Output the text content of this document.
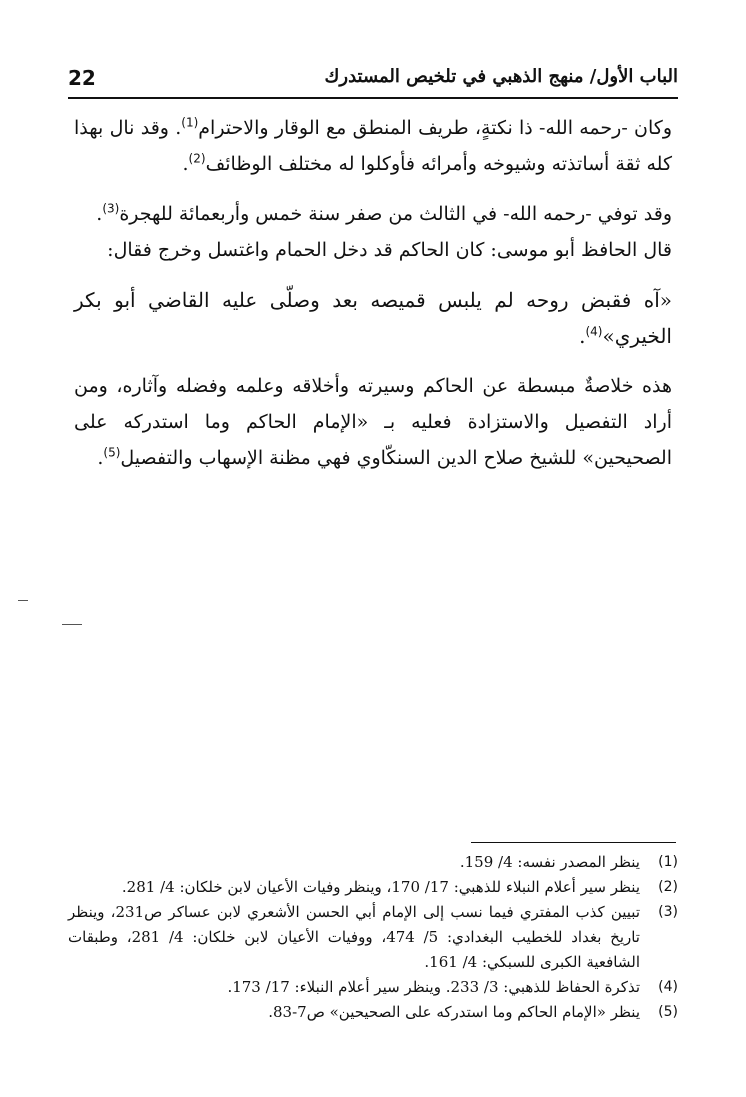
22	الباب الأول/ منهج الذهبي في تلخيص المستدرك

وكان -رحمه الله- ذا نكتةٍ، طريف المنطق مع الوقار والاحترام$^{(1)}$. وقد نال بهذا كله ثقة أساتذته وشيوخه وأمرائه فأوكلوا له مختلف الوظائف$^{(2)}$.

وقد توفي -رحمه الله- في الثالث من صفر سنة خمس وأربعمائة للهجرة$^{(3)}$.

قال الحافظ أبو موسى: كان الحاكم قد دخل الحمام واغتسل وخرج فقال:

«آه فقبض روحه لم يلبس قميصه بعد وصلّى عليه القاضي أبو بكر الخيري»$^{(4)}$.

هذه خلاصةٌ مبسطة عن الحاكم وسيرته وأخلاقه وعلمه وفضله وآثاره، ومن أراد التفصيل والاستزادة فعليه بـ «الإمام الحاكم وما استدركه على الصحيحين» للشيخ صلاح الدين السنكّاوي فهي مظنة الإسهاب والتفصيل$^{(5)}$.

(1)
ينظر المصدر نفسه: 4/ 159.
(2)
ينظر سير أعلام النبلاء للذهبي: 17/ 170، وينظر وفيات الأعيان لابن خلكان: 4/ 281.
(3)
تبيين كذب المفتري فيما نسب إلى الإمام أبي الحسن الأشعري لابن عساكر ص231، وينظر تاريخ بغداد للخطيب البغدادي: 5/ 474، ووفيات الأعيان لابن خلكان: 4/ 281، وطبقات الشافعية الكبرى للسبكي: 4/ 161.
(4)
تذكرة الحفاظ للذهبي: 3/ 233. وينظر سير أعلام النبلاء: 17/ 173.
(5)
ينظر «الإمام الحاكم وما استدركه على الصحيحين» ص7-83.
